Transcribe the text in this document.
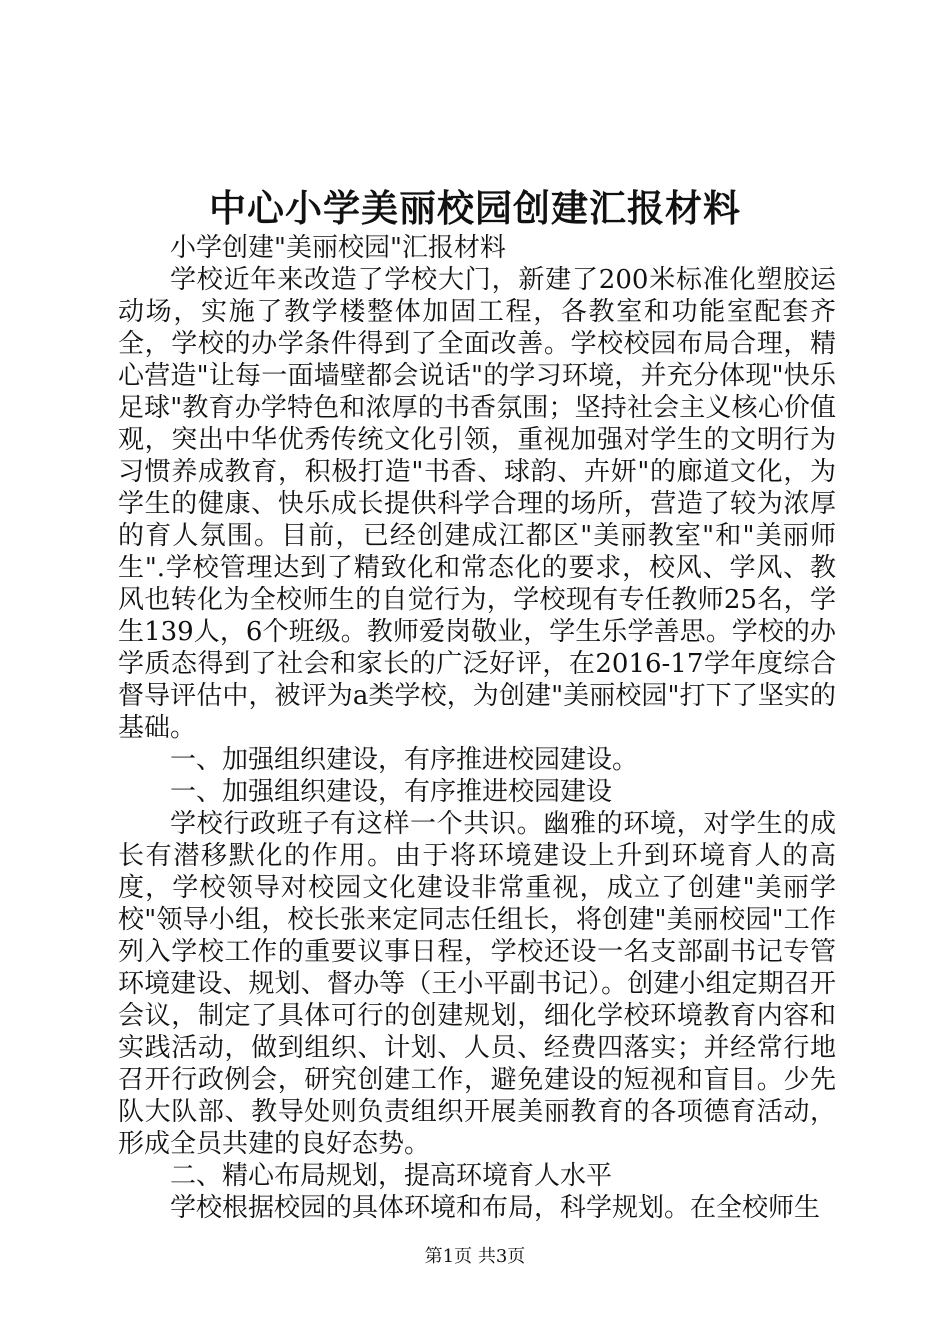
中心小学美丽校园创建汇报材料

小学创建"美丽校园"汇报材料

学校近年来改造了学校大门，新建了200米标准化塑胶运动场，实施了教学楼整体加固工程，各教室和功能室配套齐全，学校的办学条件得到了全面改善。学校校园布局合理，精心营造"让每一面墙壁都会说话"的学习环境，并充分体现"快乐足球"教育办学特色和浓厚的书香氛围；坚持社会主义核心价值观，突出中华优秀传统文化引领，重视加强对学生的文明行为习惯养成教育，积极打造"书香、球韵、卉妍"的廊道文化，为学生的健康、快乐成长提供科学合理的场所，营造了较为浓厚的育人氛围。目前，已经创建成江都区"美丽教室"和"美丽师生".学校管理达到了精致化和常态化的要求，校风、学风、教风也转化为全校师生的自觉行为，学校现有专任教师25名，学生139人，6个班级。教师爱岗敬业，学生乐学善思。学校的办学质态得到了社会和家长的广泛好评，在2016-17学年度综合督导评估中，被评为a类学校，为创建"美丽校园"打下了坚实的基础。

一、加强组织建设，有序推进校园建设。

一、加强组织建设，有序推进校园建设

学校行政班子有这样一个共识。幽雅的环境，对学生的成长有潜移默化的作用。由于将环境建设上升到环境育人的高度，学校领导对校园文化建设非常重视，成立了创建"美丽学校"领导小组，校长张来定同志任组长，将创建"美丽校园"工作列入学校工作的重要议事日程，学校还设一名支部副书记专管环境建设、规划、督办等（王小平副书记）。创建小组定期召开会议，制定了具体可行的创建规划，细化学校环境教育内容和实践活动，做到组织、计划、人员、经费四落实；并经常行地召开行政例会，研究创建工作，避免建设的短视和盲目。少先队大队部、教导处则负责组织开展美丽教育的各项德育活动，形成全员共建的良好态势。

二、精心布局规划，提高环境育人水平

学校根据校园的具体环境和布局，科学规划。在全校师生

第1页 共3页
